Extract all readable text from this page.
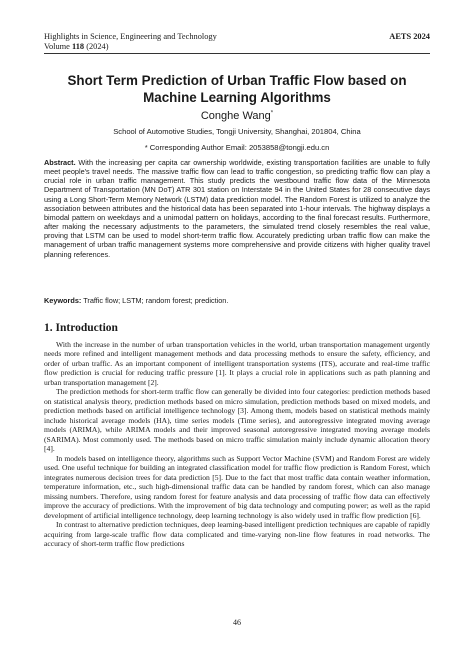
Highlights in Science, Engineering and Technology
Volume 118 (2024)
AETS 2024
Short Term Prediction of Urban Traffic Flow based on Machine Learning Algorithms
Conghe Wang*
School of Automotive Studies, Tongji University, Shanghai, 201804, China
* Corresponding Author Email: 2053858@tongji.edu.cn
Abstract. With the increasing per capita car ownership worldwide, existing transportation facilities are unable to fully meet people's travel needs. The massive traffic flow can lead to traffic congestion, so predicting traffic flow can play a crucial role in urban traffic management. This study predicts the westbound traffic flow data of the Minnesota Department of Transportation (MN DoT) ATR 301 station on Interstate 94 in the United States for 28 consecutive days using a Long Short-Term Memory Network (LSTM) data prediction model. The Random Forest is utilized to analyze the association between attributes and the historical data has been separated into 1-hour intervals. The highway displays a bimodal pattern on weekdays and a unimodal pattern on holidays, according to the final forecast results. Furthermore, after making the necessary adjustments to the parameters, the simulated trend closely resembles the real value, proving that LSTM can be used to model short-term traffic flow. Accurately predicting urban traffic flow can make the management of urban traffic management systems more comprehensive and provide citizens with higher quality travel planning references.
Keywords: Traffic flow; LSTM; random forest; prediction.
1. Introduction

With the increase in the number of urban transportation vehicles in the world, urban transportation management urgently needs more refined and intelligent management methods and data processing methods to ensure the safety, efficiency, and order of urban traffic. As an important component of intelligent transportation systems (ITS), accurate and real-time traffic flow prediction is crucial for reducing traffic pressure [1]. It plays a crucial role in applications such as path planning and urban transportation management [2].

The prediction methods for short-term traffic flow can generally be divided into four categories: prediction methods based on statistical analysis theory, prediction methods based on micro simulation, prediction methods based on mixed models, and prediction methods based on artificial intelligence technology [3]. Among them, models based on statistical methods mainly include historical average models (HA), time series models (Time series), and autoregressive integrated moving average models (ARIMA), while ARIMA models and their improved seasonal autoregressive integrated moving average models (SARIMA). Most commonly used. The methods based on micro traffic simulation mainly include dynamic allocation theory [4].

In models based on intelligence theory, algorithms such as Support Vector Machine (SVM) and Random Forest are widely used. One useful technique for building an integrated classification model for traffic flow prediction is Random Forest, which integrates numerous decision trees for data prediction [5]. Due to the fact that most traffic data contain weather information, temperature information, etc., such high-dimensional traffic data can be handled by random forest, which can also manage missing numbers. Therefore, using random forest for feature analysis and data processing of traffic flow data can effectively improve the accuracy of predictions. With the improvement of big data technology and computing power; as well as the rapid development of artificial intelligence technology, deep learning technology is also widely used in traffic flow prediction [6].

In contrast to alternative prediction techniques, deep learning-based intelligent prediction techniques are capable of rapidly acquiring from large-scale traffic flow data complicated and time-varying non-line flow features in road networks. The accuracy of short-term traffic flow predictions

46
